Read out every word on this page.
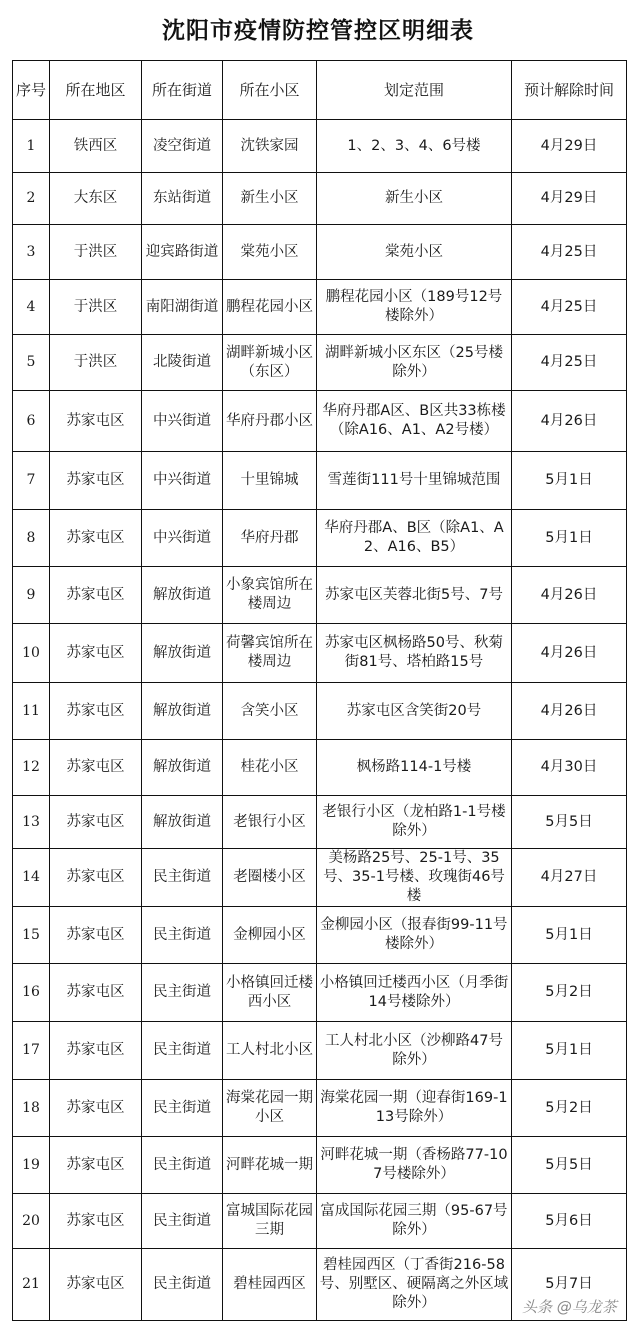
沈阳市疫情防控管控区明细表
序号	所在地区	所在街道	所在小区	划定范围	预计解除时间
1	铁西区	凌空街道	沈铁家园	1、2、3、4、6号楼	4月29日
2	大东区	东站街道	新生小区	新生小区	4月29日
3	于洪区	迎宾路街道	棠苑小区	棠苑小区	4月25日
4	于洪区	南阳湖街道	鹏程花园小区	鹏程花园小区（189号12号楼除外）	4月25日
5	于洪区	北陵街道	湖畔新城小区（东区）	湖畔新城小区东区（25号楼除外）	4月25日
6	苏家屯区	中兴街道	华府丹郡小区	华府丹郡A区、B区共33栋楼（除A16、A1、A2号楼）	4月26日
7	苏家屯区	中兴街道	十里锦城	雪莲街111号十里锦城范围	5月1日
8	苏家屯区	中兴街道	华府丹郡	华府丹郡A、B区（除A1、A2、A16、B5）	5月1日
9	苏家屯区	解放街道	小象宾馆所在楼周边	苏家屯区芙蓉北街5号、7号	4月26日
10	苏家屯区	解放街道	荷馨宾馆所在楼周边	苏家屯区枫杨路50号、秋菊街81号、塔柏路15号	4月26日
11	苏家屯区	解放街道	含笑小区	苏家屯区含笑街20号	4月26日
12	苏家屯区	解放街道	桂花小区	枫杨路114-1号楼	4月30日
13	苏家屯区	解放街道	老银行小区	老银行小区（龙柏路1-1号楼除外）	5月5日
14	苏家屯区	民主街道	老圈楼小区	美杨路25号、25-1号、35号、35-1号楼、玫瑰街46号楼	4月27日
15	苏家屯区	民主街道	金柳园小区	金柳园小区（报春街99-11号楼除外）	5月1日
16	苏家屯区	民主街道	小格镇回迁楼西小区	小格镇回迁楼西小区（月季街14号楼除外）	5月2日
17	苏家屯区	民主街道	工人村北小区	工人村北小区（沙柳路47号除外）	5月1日
18	苏家屯区	民主街道	海棠花园一期小区	海棠花园一期（迎春街169-113号除外）	5月2日
19	苏家屯区	民主街道	河畔花城一期	河畔花城一期（香杨路77-107号楼除外）	5月5日
20	苏家屯区	民主街道	富城国际花园三期	富成国际花园三期（95-67号除外）	5月6日
21	苏家屯区	民主街道	碧桂园西区	碧桂园西区（丁香街216-58号、别墅区、硬隔离之外区域除外）	5月7日
头条 @乌龙茶
